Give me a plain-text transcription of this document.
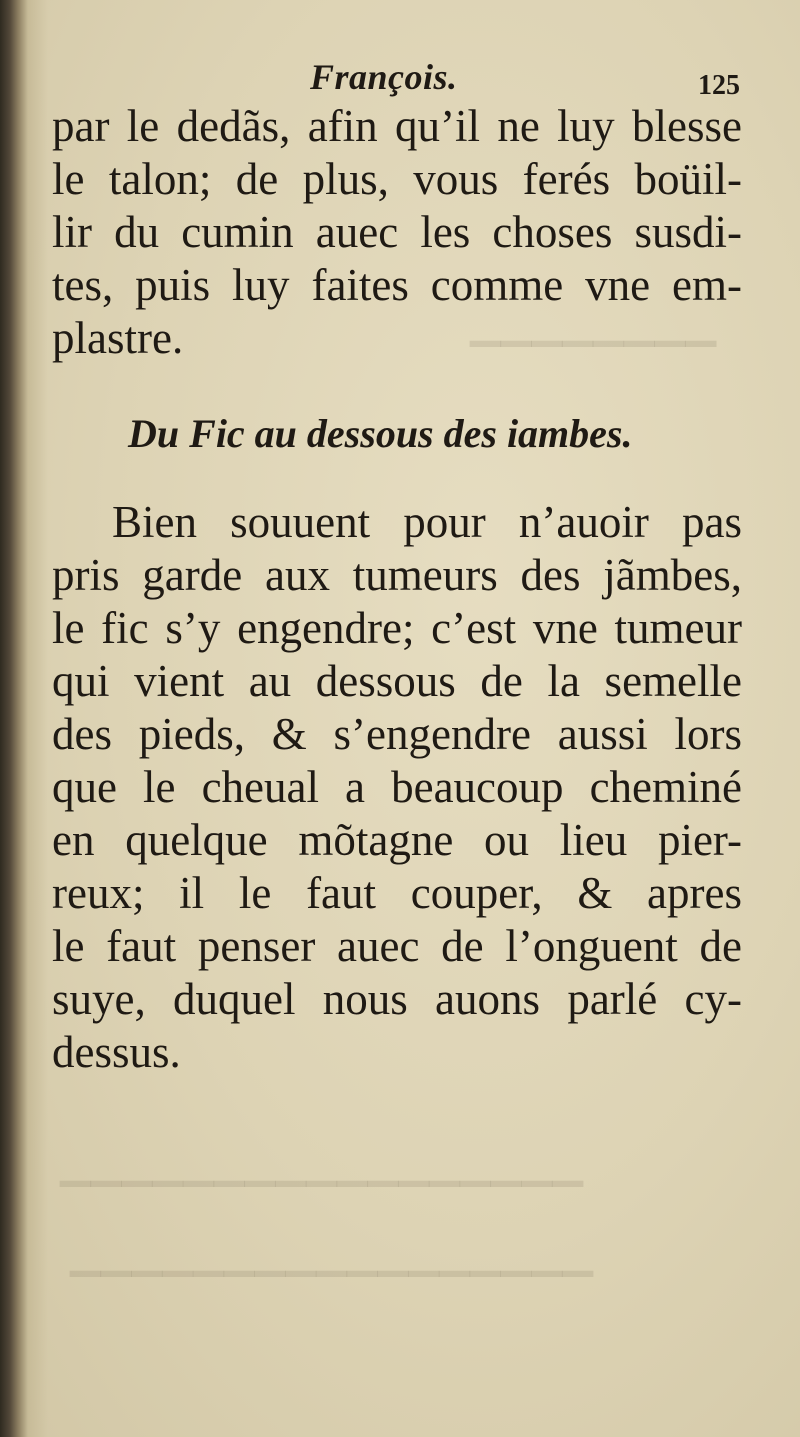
▁▁▁▁▁▁▁▁
▁▁▁▁▁▁▁▁▁▁▁▁▁▁▁▁▁
▁▁▁▁▁▁▁▁▁▁▁▁▁▁▁▁▁
François.	125
par le dedãs, afin qu’il ne luy blesse
le talon; de plus, vous ferés boüil-
lir du cumin auec les choses susdi-
tes, puis luy faites comme vne em-
plastre.
Du Fic au dessous des iambes.
Bien souuent pour n’auoir pas
pris garde aux tumeurs des jãmbes,
le fic s’y engendre; c’est vne tumeur
qui vient au dessous de la semelle
des pieds, & s’engendre aussi lors
que le cheual a beaucoup cheminé
en quelque mõtagne ou lieu pier-
reux; il le faut couper, & apres
le faut penser auec de l’onguent de
suye, duquel nous auons parlé cy-
dessus.
